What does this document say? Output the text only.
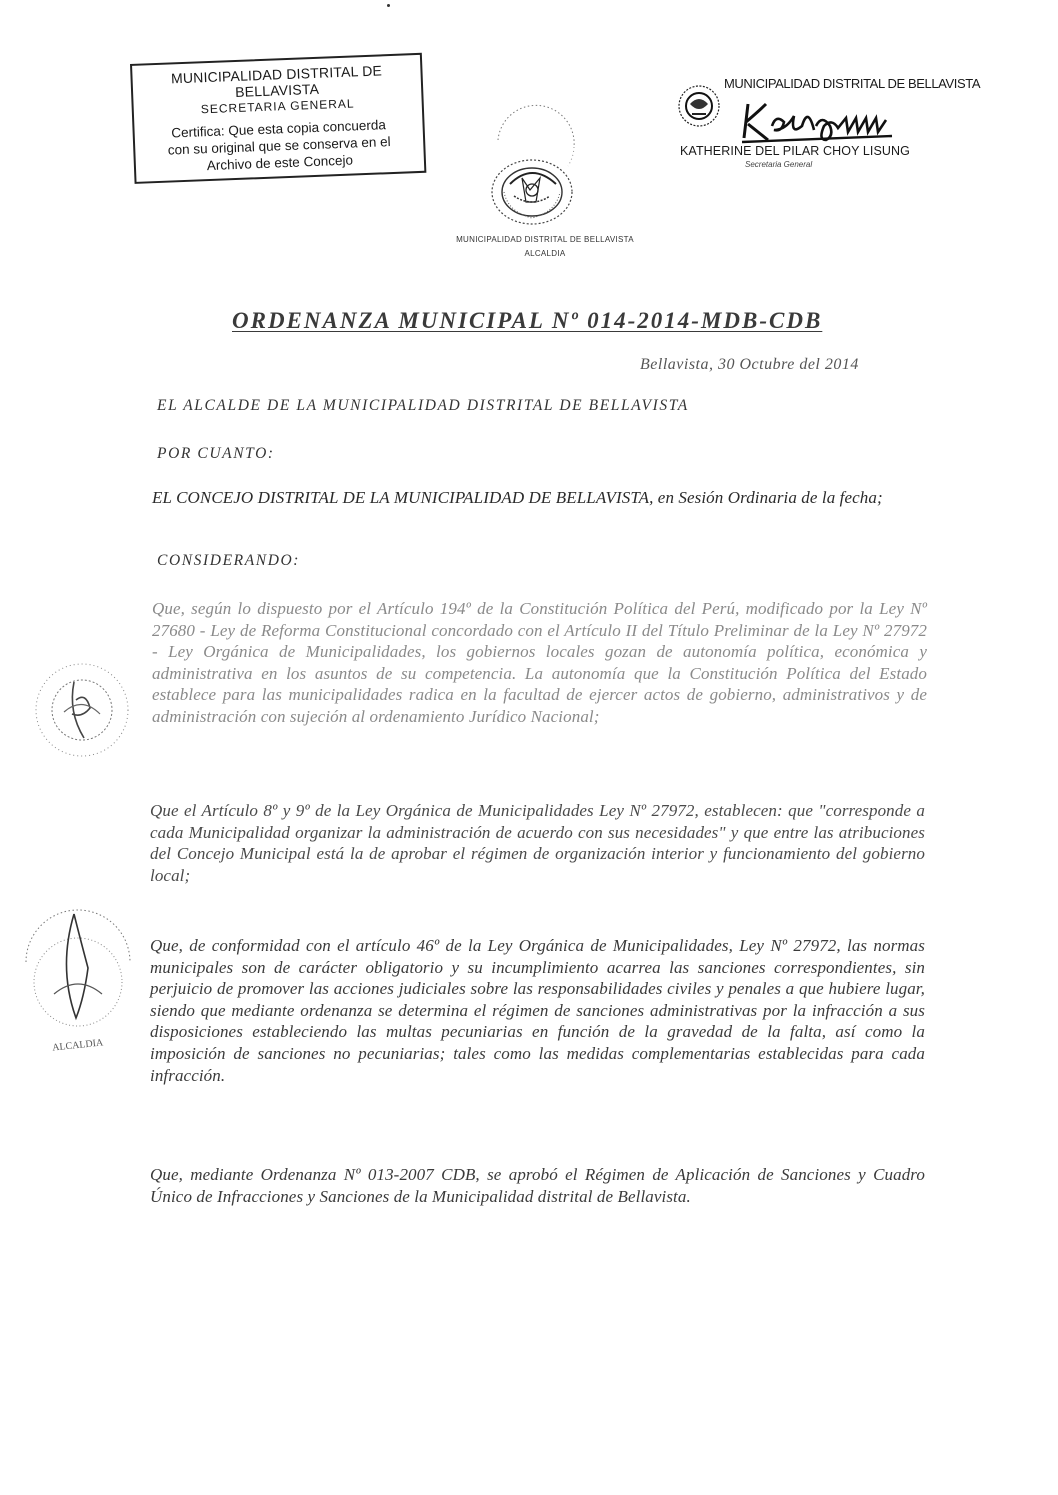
MUNICIPALIDAD DISTRITAL DE BELLAVISTA
SECRETARIA GENERAL
Certifica: Que esta copia concuerda
con su original que se conserva en el
Archivo de este Concejo
MUNICIPALIDAD DISTRITAL DE BELLAVISTA
ALCALDIA
MUNICIPALIDAD DISTRITAL DE BELLAVISTA
KATHERINE DEL PILAR CHOY LISUNG
Secretaria General
ORDENANZA MUNICIPAL Nº 014-2014-MDB-CDB
Bellavista, 30 Octubre del 2014
EL ALCALDE DE LA MUNICIPALIDAD DISTRITAL DE BELLAVISTA
POR CUANTO:
EL CONCEJO DISTRITAL DE LA MUNICIPALIDAD DE BELLAVISTA, en Sesión Ordinaria de la fecha;
CONSIDERANDO:
Que, según lo dispuesto por el Artículo 194º de la Constitución Política del Perú, modificado por la Ley Nº 27680 - Ley de Reforma Constitucional concordado con el Artículo II del Título Preliminar de la Ley Nº 27972 - Ley Orgánica de Municipalidades, los gobiernos locales gozan de autonomía política, económica y administrativa en los asuntos de su competencia. La autonomía que la Constitución Política del Estado establece para las municipalidades radica en la facultad de ejercer actos de gobierno, administrativos y de administración con sujeción al ordenamiento Jurídico Nacional;
Que el Artículo 8º y 9º de la Ley Orgánica de Municipalidades Ley Nº 27972, establecen: que "corresponde a cada Municipalidad organizar la administración de acuerdo con sus necesidades" y que entre las atribuciones del Concejo Municipal está la de aprobar el régimen de organización interior y funcionamiento del gobierno local;
Que, de conformidad con el artículo 46º de la Ley Orgánica de Municipalidades, Ley Nº 27972, las normas municipales son de carácter obligatorio y su incumplimiento acarrea las sanciones correspondientes, sin perjuicio de promover las acciones judiciales sobre las responsabilidades civiles y penales a que hubiere lugar, siendo que mediante ordenanza se determina el régimen de sanciones administrativas por la infracción a sus disposiciones estableciendo las multas pecuniarias en función de la gravedad de la falta, así como la imposición de sanciones no pecuniarias; tales como las medidas complementarias establecidas para cada infracción.
Que, mediante Ordenanza Nº 013-2007 CDB, se aprobó el Régimen de Aplicación de Sanciones y Cuadro Único de Infracciones y Sanciones de la Municipalidad distrital de Bellavista.
ALCALDIA
